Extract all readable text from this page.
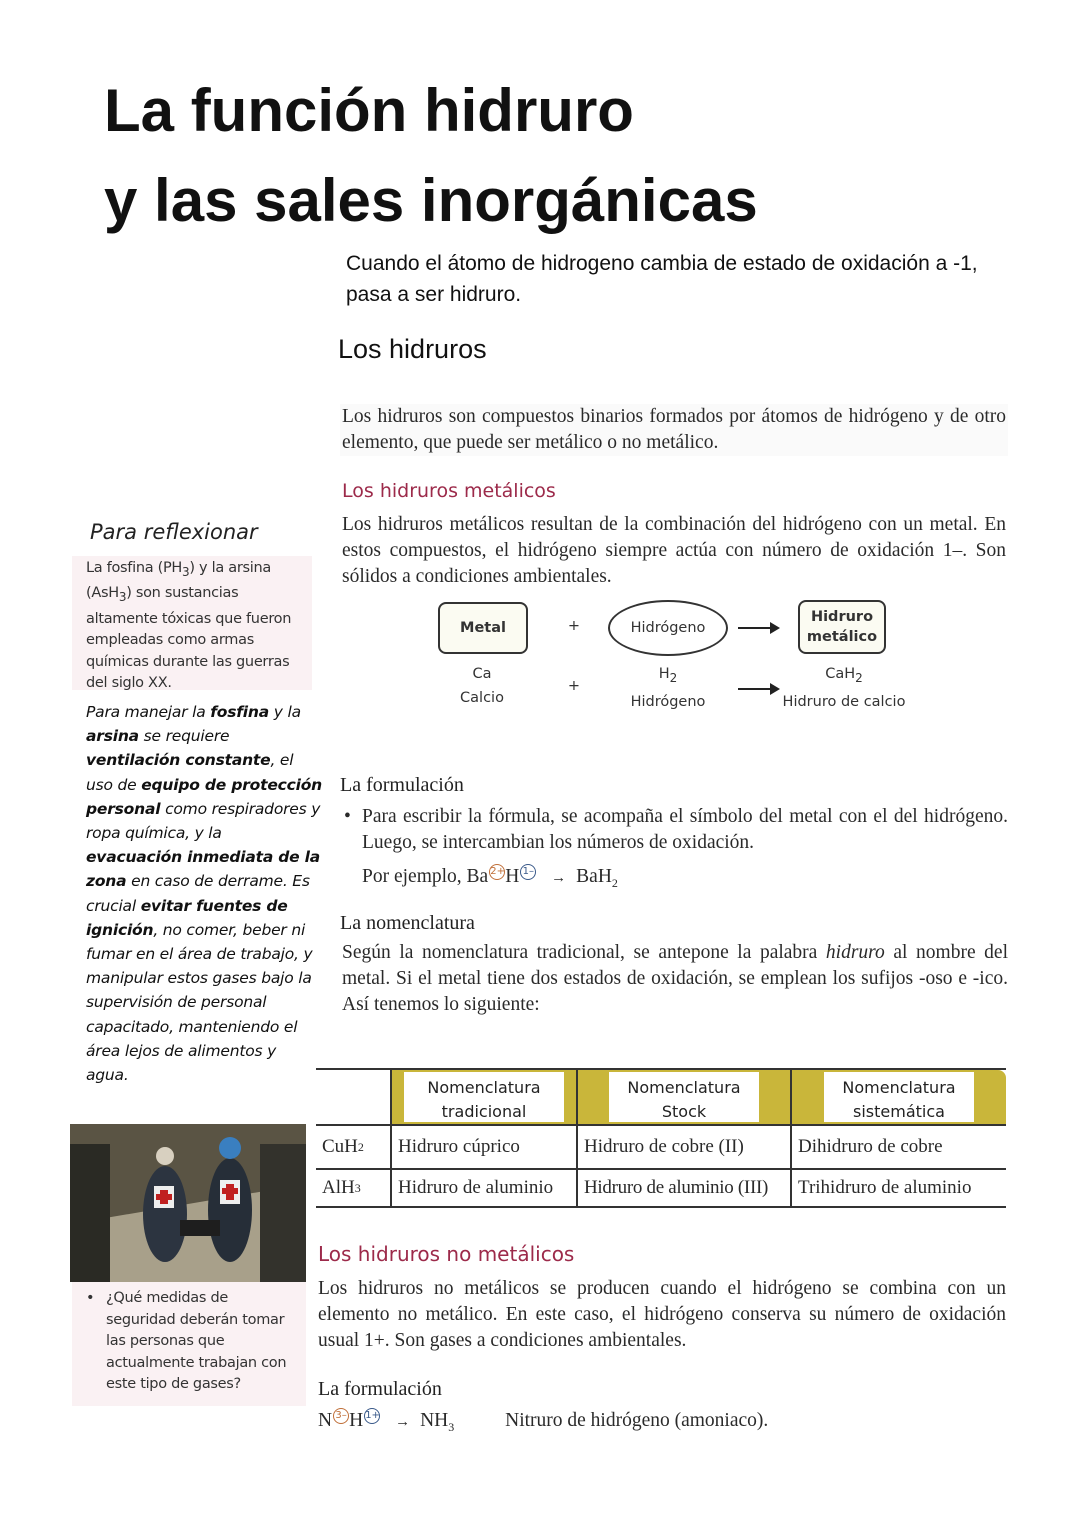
La función hidruro
y las sales inorgánicas
Cuando el átomo de hidrogeno cambia de estado de oxidación a -1, pasa a ser hidruro.
Los hidruros
Los hidruros son compuestos binarios formados por átomos de hidrógeno y de otro elemento, que puede ser metálico o no metálico.
Los hidruros metálicos
Los hidruros metálicos resultan de la combinación del hidrógeno con un metal. En estos compuestos, el hidrógeno siempre actúa con número de oxidación 1–. Son sólidos a condiciones ambientales.
Metal	+	Hidrógeno
Hidruro
metálico
Ca
Calcio
+
$H_2$
Hidrógeno
CaH$_2$
Hidruro de calcio
La formulación
• Para escribir la fórmula, se acompaña el símbolo del metal con el del hidrógeno. Luego, se intercambian los números de oxidación.
Por ejemplo, Ba 2+H 1– → BaH$_2$
La nomenclatura
Según la nomenclatura tradicional, se antepone la palabra hidruro al nombre del metal. Si el metal tiene dos estados de oxidación, se emplean los sufijos -oso e -ico. Así tenemos lo siguiente:
Nomenclatura
tradicional
Nomenclatura
Stock
Nomenclatura
sistemática
CuH 2	Hidruro cúprico	Hidruro de cobre (II)	Dihidruro de cobre
AlH 3	Hidruro de aluminio	Hidruro de aluminio (III)	Trihidruro de aluminio
Los hidruros no metálicos
Los hidruros no metálicos se producen cuando el hidrógeno se combina con un elemento no metálico. En este caso, el hidrógeno conserva su número de oxidación usual 1+. Son gases a condiciones ambientales.
La formulación
N 3– H $1+ \to NH_3$	Nitruro de hidrógeno (amoniaco).
Para reflexionar
La fosfina $(PH_3)$ y la arsina (AsH$_3$) son sustancias altamente tóxicas que fueron empleadas como armas químicas durante las guerras del siglo XX.
Para manejar la fosfina y la arsina se requiere ventilación constante, el uso de equipo de protección personal como respiradores y ropa química, y la evacuación inmediata de la zona en caso de derrame. Es crucial evitar fuentes de ignición, no comer, beber ni fumar en el área de trabajo, y manipular estos gases bajo la supervisión de personal capacitado, manteniendo el área lejos de alimentos y agua.
• ¿Qué medidas de seguridad deberán tomar las personas que actualmente trabajan con este tipo de gases?
